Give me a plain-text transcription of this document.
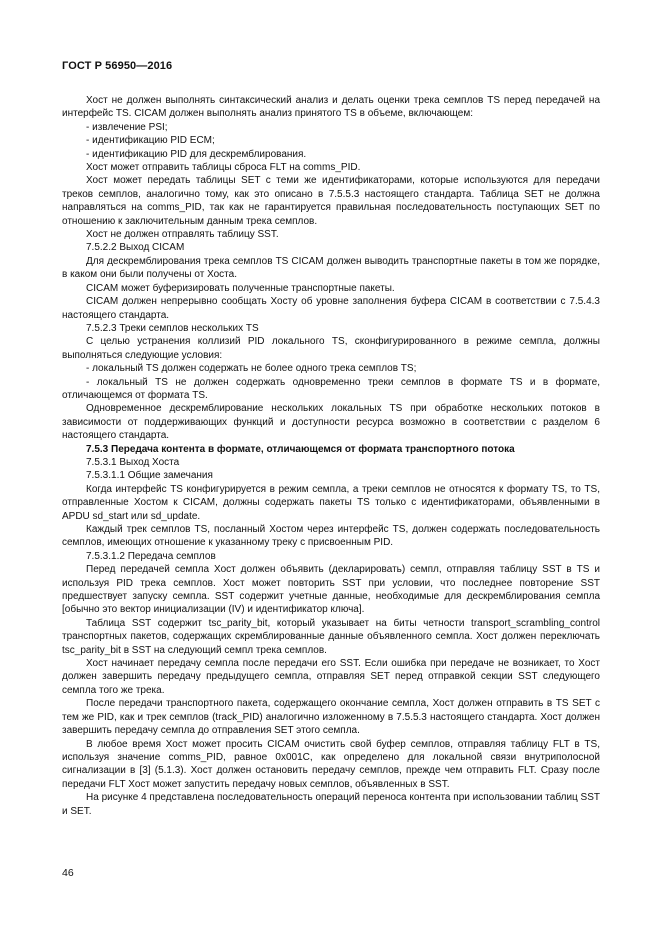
ГОСТ Р 56950—2016

Хост не должен выполнять синтаксический анализ и делать оценки трека семплов TS перед передачей на интерфейс TS. CICAM должен выполнять анализ принятого TS в объеме, включающем:

- извлечение PSI;

- идентификацию PID ECM;

- идентификацию PID для дескремблирования.

Хост может отправить таблицы сброса FLT на comms_PID.

Хост может передать таблицы SET с теми же идентификаторами, которые используются для передачи треков семплов, аналогично тому, как это описано в 7.5.5.3 настоящего стандарта. Таблица SET не должна направляться на comms_PID, так как не гарантируется правильная последовательность поступающих SET по отношению к заключительным данным трека семплов.

Хост не должен отправлять таблицу SST.

7.5.2.2 Выход CICAM

Для дескремблирования трека семплов TS CICAM должен выводить транспортные пакеты в том же порядке, в каком они были получены от Хоста.

CICAM может буферизировать полученные транспортные пакеты.

CICAM должен непрерывно сообщать Хосту об уровне заполнения буфера CICAM в соответствии с 7.5.4.3 настоящего стандарта.

7.5.2.3 Треки семплов нескольких TS

С целью устранения коллизий PID локального TS, сконфигурированного в режиме семпла, должны выполняться следующие условия:

- локальный TS должен содержать не более одного трека семплов TS;

- локальный TS не должен содержать одновременно треки семплов в формате TS и в формате, отличающемся от формата TS.

Одновременное дескремблирование нескольких локальных TS при обработке нескольких потоков в зависимости от поддерживающих функций и доступности ресурса возможно в соответствии с разделом 6 настоящего стандарта.

7.5.3 Передача контента в формате, отличающемся от формата транспортного потока

7.5.3.1 Выход Хоста

7.5.3.1.1 Общие замечания

Когда интерфейс TS конфигурируется в режим семпла, а треки семплов не относятся к формату TS, то TS, отправленные Хостом к CICAM, должны содержать пакеты TS только с идентификаторами, объявленными в APDU sd_start или sd_update.

Каждый трек семплов TS, посланный Хостом через интерфейс TS, должен содержать последовательность семплов, имеющих отношение к указанному треку с присвоенным PID.

7.5.3.1.2 Передача семплов

Перед передачей семпла Хост должен объявить (декларировать) семпл, отправляя таблицу SST в TS и используя PID трека семплов. Хост может повторить SST при условии, что последнее повторение SST предшествует запуску семпла. SST содержит учетные данные, необходимые для дескремблирования семпла [обычно это вектор инициализации (IV) и идентификатор ключа].

Таблица SST содержит tsc_parity_bit, который указывает на биты четности transport_scrambling_control транспортных пакетов, содержащих скремблированные данные объявленного семпла. Хост должен переключать tsc_parity_bit в SST на следующий семпл трека семплов.

Хост начинает передачу семпла после передачи его SST. Если ошибка при передаче не возникает, то Хост должен завершить передачу предыдущего семпла, отправляя SET перед отправкой секции SST следующего семпла того же трека.

После передачи транспортного пакета, содержащего окончание семпла, Хост должен отправить в TS SET с тем же PID, как и трек семплов (track_PID) аналогично изложенному в 7.5.5.3 настоящего стандарта. Хост должен завершить передачу семпла до отправления SET этого семпла.

В любое время Хост может просить CICAM очистить свой буфер семплов, отправляя таблицу FLT в TS, используя значение comms_PID, равное 0x001C, как определено для локальной связи внутриполосной сигнализации в [3] (5.1.3). Хост должен остановить передачу семплов, прежде чем отправить FLT. Сразу после передачи FLT Хост может запустить передачу новых семплов, объявленных в SST.

На рисунке 4 представлена последовательность операций переноса контента при использовании таблиц SST и SET.

46
